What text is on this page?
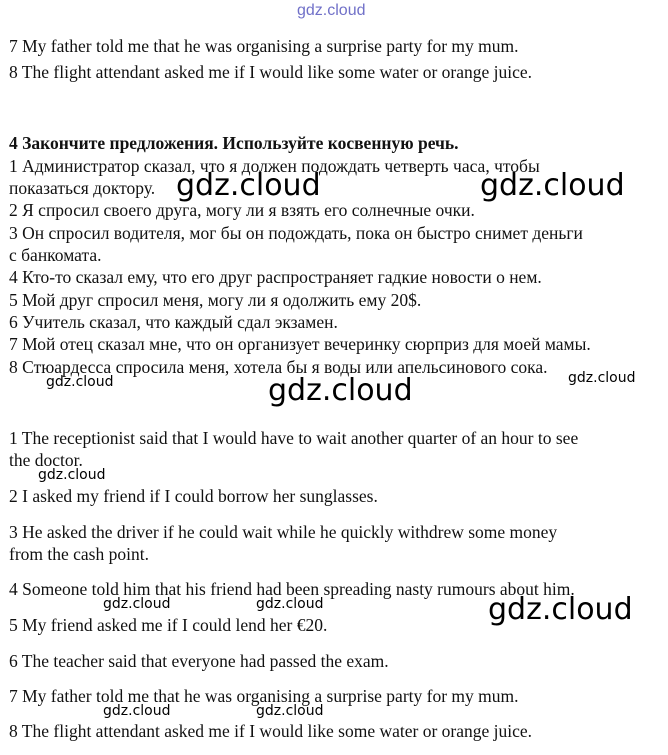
gdz.cloud
7 My father told me that he was organising a surprise party for my mum.
8 The flight attendant asked me if I would like some water or orange juice.
4 Закончите предложения. Используйте косвенную речь.
1 Администратор сказал, что я должен подождать четверть часа, чтобы
показаться доктору.
2 Я спросил своего друга, могу ли я взять его солнечные очки.
3 Он спросил водителя, мог бы он подождать, пока он быстро снимет деньги
с банкомата.
4 Кто-то сказал ему, что его друг распространяет гадкие новости о нем.
5 Мой друг спросил меня, могу ли я одолжить ему 20$.
6 Учитель сказал, что каждый сдал экзамен.
7 Мой отец сказал мне, что он организует вечеринку сюрприз для моей мамы.
8 Стюардесса спросила меня, хотела бы я воды или апельсинового сока.
1 The receptionist said that I would have to wait another quarter of an hour to see
the doctor.
2 I asked my friend if I could borrow her sunglasses.
3 He asked the driver if he could wait while he quickly withdrew some money
from the cash point.
4 Someone told him that his friend had been spreading nasty rumours about him.
5 My friend asked me if I could lend her €20.
6 The teacher said that everyone had passed the exam.
7 My father told me that he was organising a surprise party for my mum.
8 The flight attendant asked me if I would like some water or orange juice.
gdz.cloud	gdz.cloud
gdz.cloud	gdz.cloud
gdz.cloud
gdz.cloud
gdz.cloud	gdz.cloud	gdz.cloud
gdz.cloud	gdz.cloud
